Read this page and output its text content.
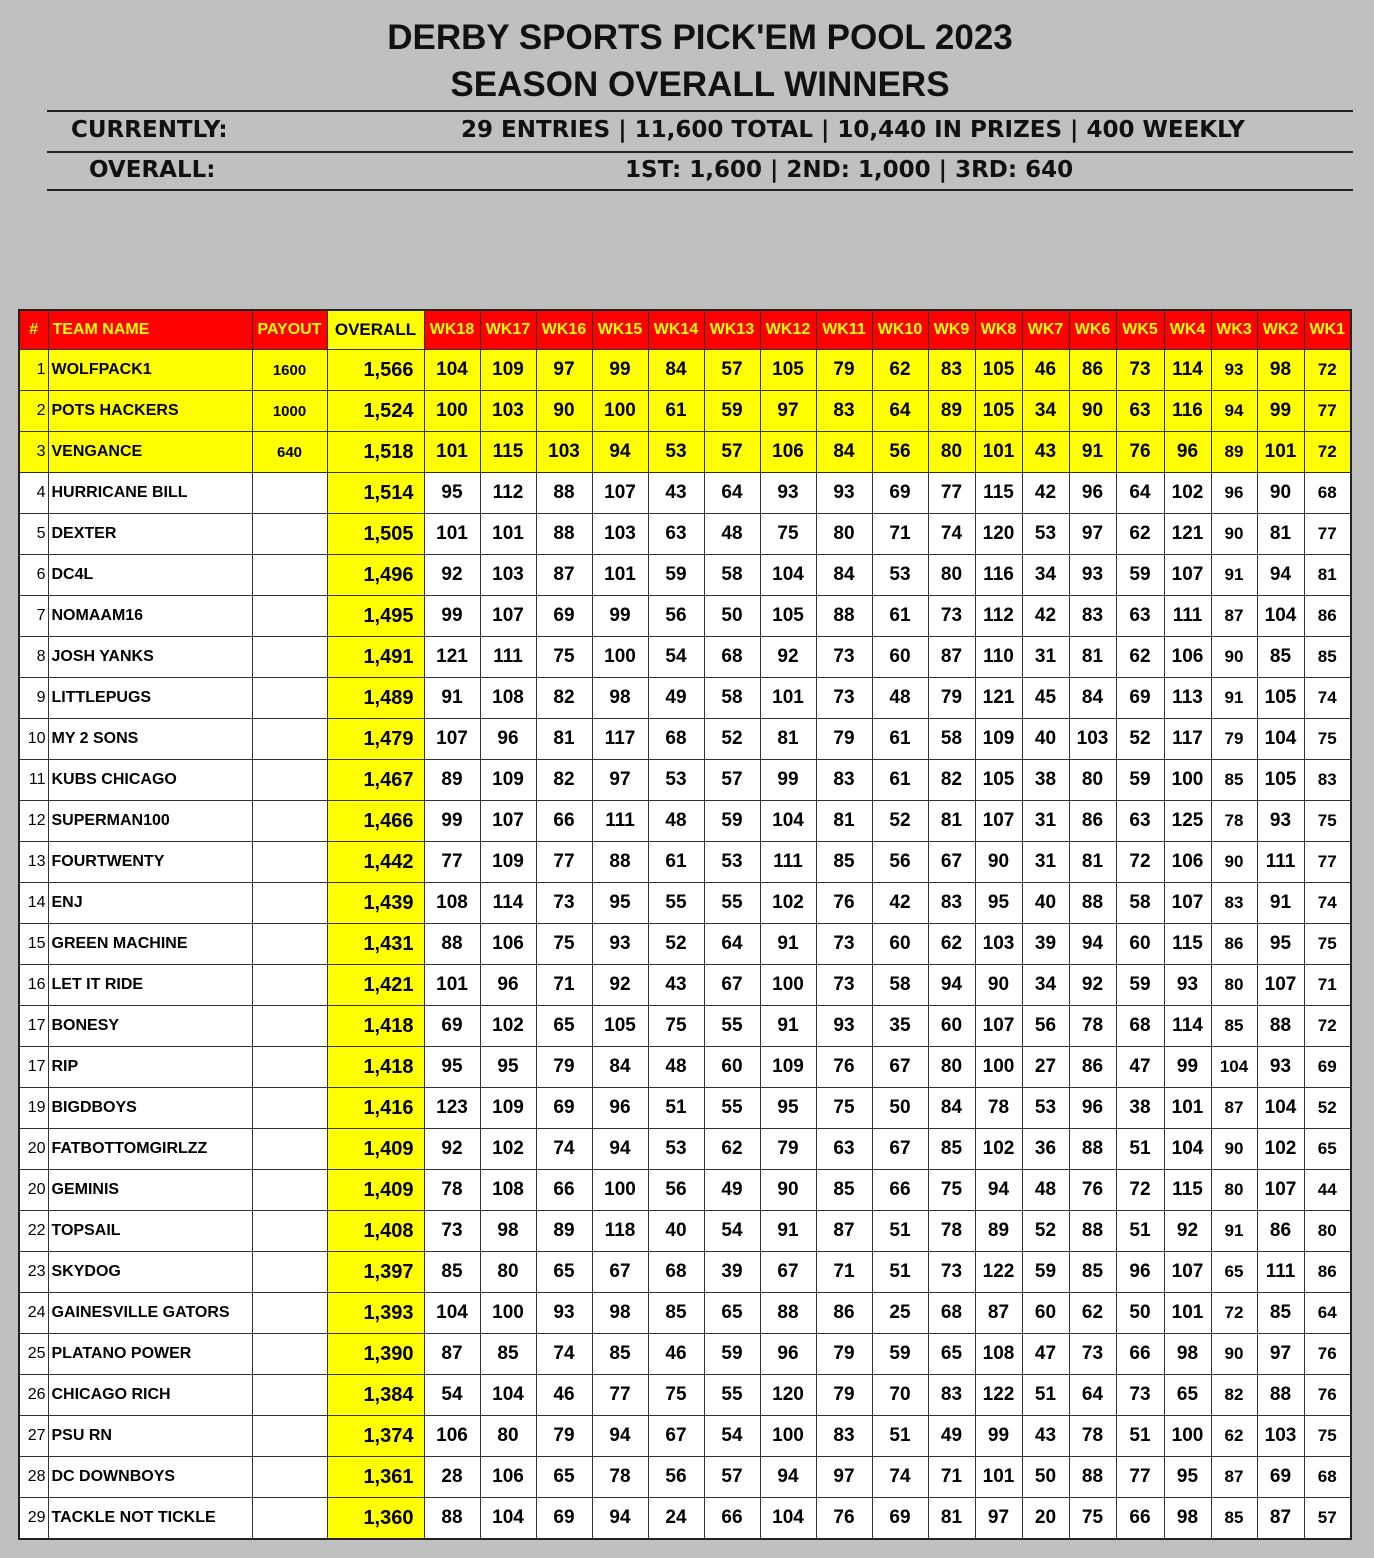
DERBY SPORTS PICK'EM POOL 2023
SEASON OVERALL WINNERS
CURRENTLY:	29 ENTRIES | 11,600 TOTAL | 10,440 IN PRIZES | 400 WEEKLY
OVERALL:	1ST: 1,600 | 2ND: 1,000 | 3RD: 640
#	TEAM NAME	PAYOUT	OVERALL	WK18	WK17	WK16	WK15	WK14	WK13	WK12	WK11	WK10	WK9	WK8	WK7	WK6	WK5	WK4	WK3	WK2	WK1
1	WOLFPACK1	1600	1,566	104	109	97	99	84	57	105	79	62	83	105	46	86	73	114	93	98	72
2	POTS HACKERS	1000	1,524	100	103	90	100	61	59	97	83	64	89	105	34	90	63	116	94	99	77
3	VENGANCE	640	1,518	101	115	103	94	53	57	106	84	56	80	101	43	91	76	96	89	101	72
4	HURRICANE BILL		1,514	95	112	88	107	43	64	93	93	69	77	115	42	96	64	102	96	90	68
5	DEXTER		1,505	101	101	88	103	63	48	75	80	71	74	120	53	97	62	121	90	81	77
6	DC4L		1,496	92	103	87	101	59	58	104	84	53	80	116	34	93	59	107	91	94	81
7	NOMAAM16		1,495	99	107	69	99	56	50	105	88	61	73	112	42	83	63	111	87	104	86
8	JOSH YANKS		1,491	121	111	75	100	54	68	92	73	60	87	110	31	81	62	106	90	85	85
9	LITTLEPUGS		1,489	91	108	82	98	49	58	101	73	48	79	121	45	84	69	113	91	105	74
10	MY 2 SONS		1,479	107	96	81	117	68	52	81	79	61	58	109	40	103	52	117	79	104	75
11	KUBS CHICAGO		1,467	89	109	82	97	53	57	99	83	61	82	105	38	80	59	100	85	105	83
12	SUPERMAN100		1,466	99	107	66	111	48	59	104	81	52	81	107	31	86	63	125	78	93	75
13	FOURTWENTY		1,442	77	109	77	88	61	53	111	85	56	67	90	31	81	72	106	90	111	77
14	ENJ		1,439	108	114	73	95	55	55	102	76	42	83	95	40	88	58	107	83	91	74
15	GREEN MACHINE		1,431	88	106	75	93	52	64	91	73	60	62	103	39	94	60	115	86	95	75
16	LET IT RIDE		1,421	101	96	71	92	43	67	100	73	58	94	90	34	92	59	93	80	107	71
17	BONESY		1,418	69	102	65	105	75	55	91	93	35	60	107	56	78	68	114	85	88	72
17	RIP		1,418	95	95	79	84	48	60	109	76	67	80	100	27	86	47	99	104	93	69
19	BIGDBOYS		1,416	123	109	69	96	51	55	95	75	50	84	78	53	96	38	101	87	104	52
20	FATBOTTOMGIRLZZ		1,409	92	102	74	94	53	62	79	63	67	85	102	36	88	51	104	90	102	65
20	GEMINIS		1,409	78	108	66	100	56	49	90	85	66	75	94	48	76	72	115	80	107	44
22	TOPSAIL		1,408	73	98	89	118	40	54	91	87	51	78	89	52	88	51	92	91	86	80
23	SKYDOG		1,397	85	80	65	67	68	39	67	71	51	73	122	59	85	96	107	65	111	86
24	GAINESVILLE GATORS		1,393	104	100	93	98	85	65	88	86	25	68	87	60	62	50	101	72	85	64
25	PLATANO POWER		1,390	87	85	74	85	46	59	96	79	59	65	108	47	73	66	98	90	97	76
26	CHICAGO RICH		1,384	54	104	46	77	75	55	120	79	70	83	122	51	64	73	65	82	88	76
27	PSU RN		1,374	106	80	79	94	67	54	100	83	51	49	99	43	78	51	100	62	103	75
28	DC DOWNBOYS		1,361	28	106	65	78	56	57	94	97	74	71	101	50	88	77	95	87	69	68
29	TACKLE NOT TICKLE		1,360	88	104	69	94	24	66	104	76	69	81	97	20	75	66	98	85	87	57
